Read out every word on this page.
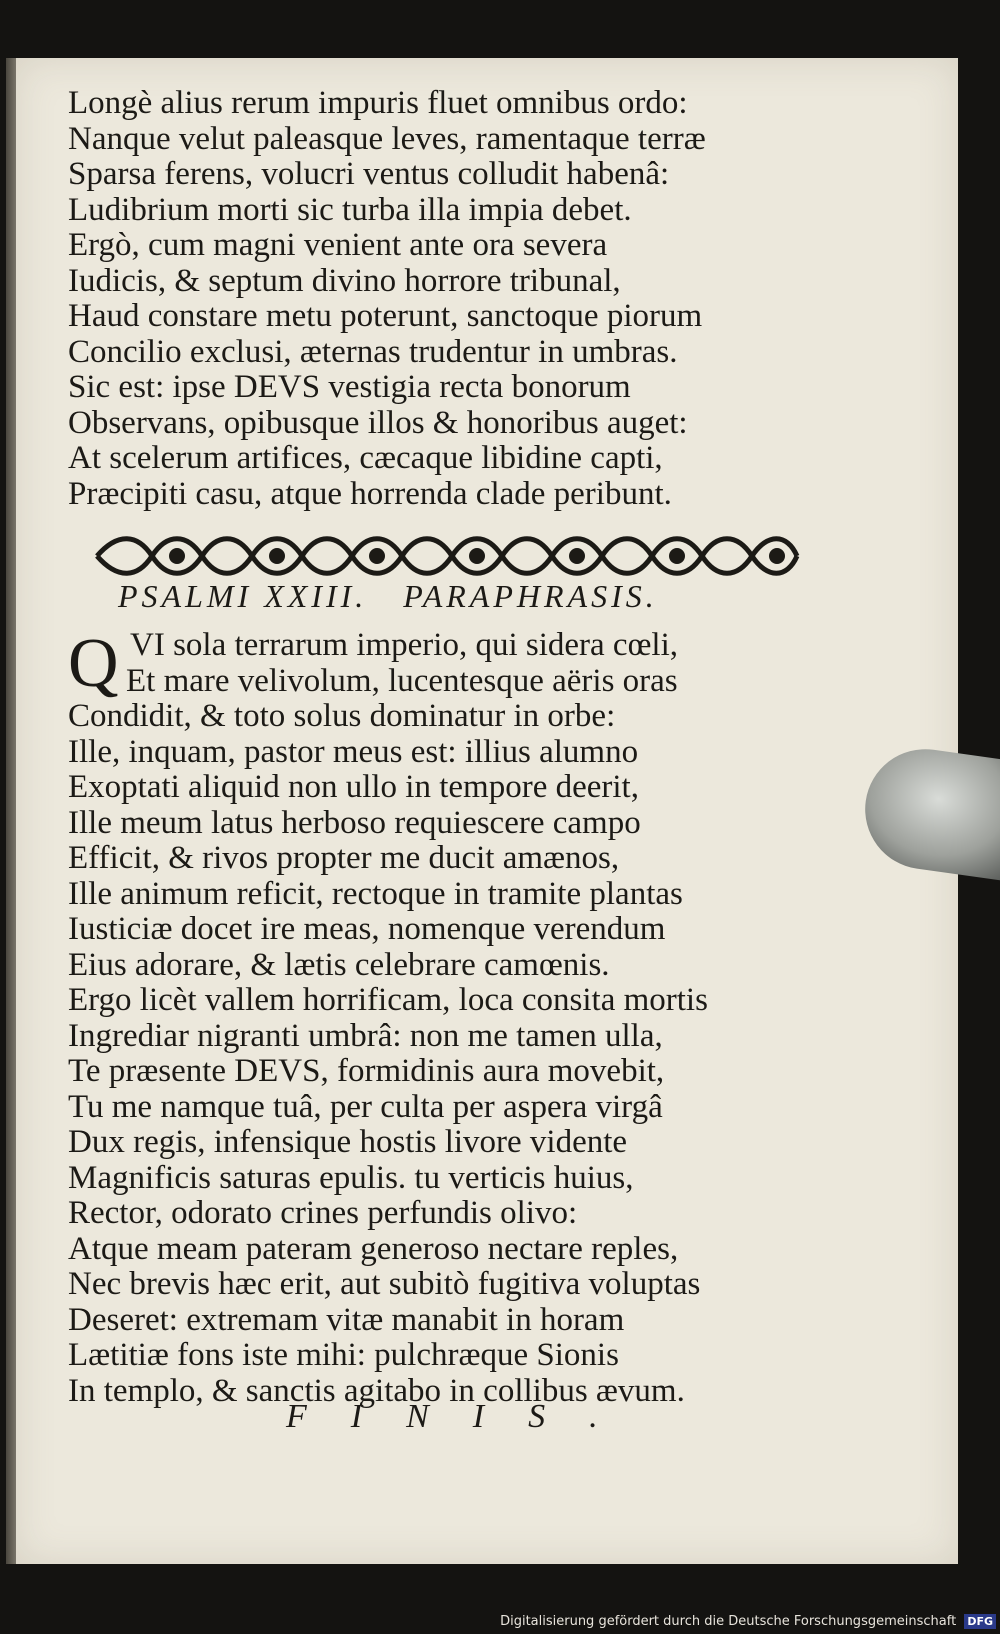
Longè alius rerum impuris fluet omnibus ordo:
Nanque velut paleasque leves, ramentaque terræ
Sparsa ferens, volucri ventus colludit habenâ:
Ludibrium morti sic turba illa impia debet.
Ergò, cum magni venient ante ora severa
Iudicis, & septum divino horrore tribunal,
Haud constare metu poterunt, sanctoque piorum
Concilio exclusi, æternas trudentur in umbras.
Sic est: ipse DEVS vestigia recta bonorum
Observans, opibusque illos & honoribus auget:
At scelerum artifices, cæcaque libidine capti,
Præcipiti casu, atque horrenda clade peribunt.
PSALMI XXIII. PARAPHRASIS.
Q VI sola terrarum imperio, qui sidera cœli,
Et mare velivolum, lucentesque aëris oras
Condidit, & toto solus dominatur in orbe:
Ille, inquam, pastor meus est: illius alumno
Exoptati aliquid non ullo in tempore deerit,
Ille meum latus herboso requiescere campo
Efficit, & rivos propter me ducit amænos,
Ille animum reficit, rectoque in tramite plantas
Iusticiæ docet ire meas, nomenque verendum
Eius adorare, & lætis celebrare camœnis.
Ergo licèt vallem horrificam, loca consita mortis
Ingrediar nigranti umbrâ: non me tamen ulla,
Te præsente DEVS, formidinis aura movebit,
Tu me namque tuâ, per culta per aspera virgâ
Dux regis, infensique hostis livore vidente
Magnificis saturas epulis. tu verticis huius,
Rector, odorato crines perfundis olivo:
Atque meam pateram generoso nectare reples,
Nec brevis hæc erit, aut subitò fugitiva voluptas
Deseret: extremam vitæ manabit in horam
Lætitiæ fons iste mihi: pulchræque Sionis
In templo, & sanctis agitabo in collibus ævum.
FINIS.
Digitalisierung gefördert durch die Deutsche Forschungsgemeinschaft DFG
